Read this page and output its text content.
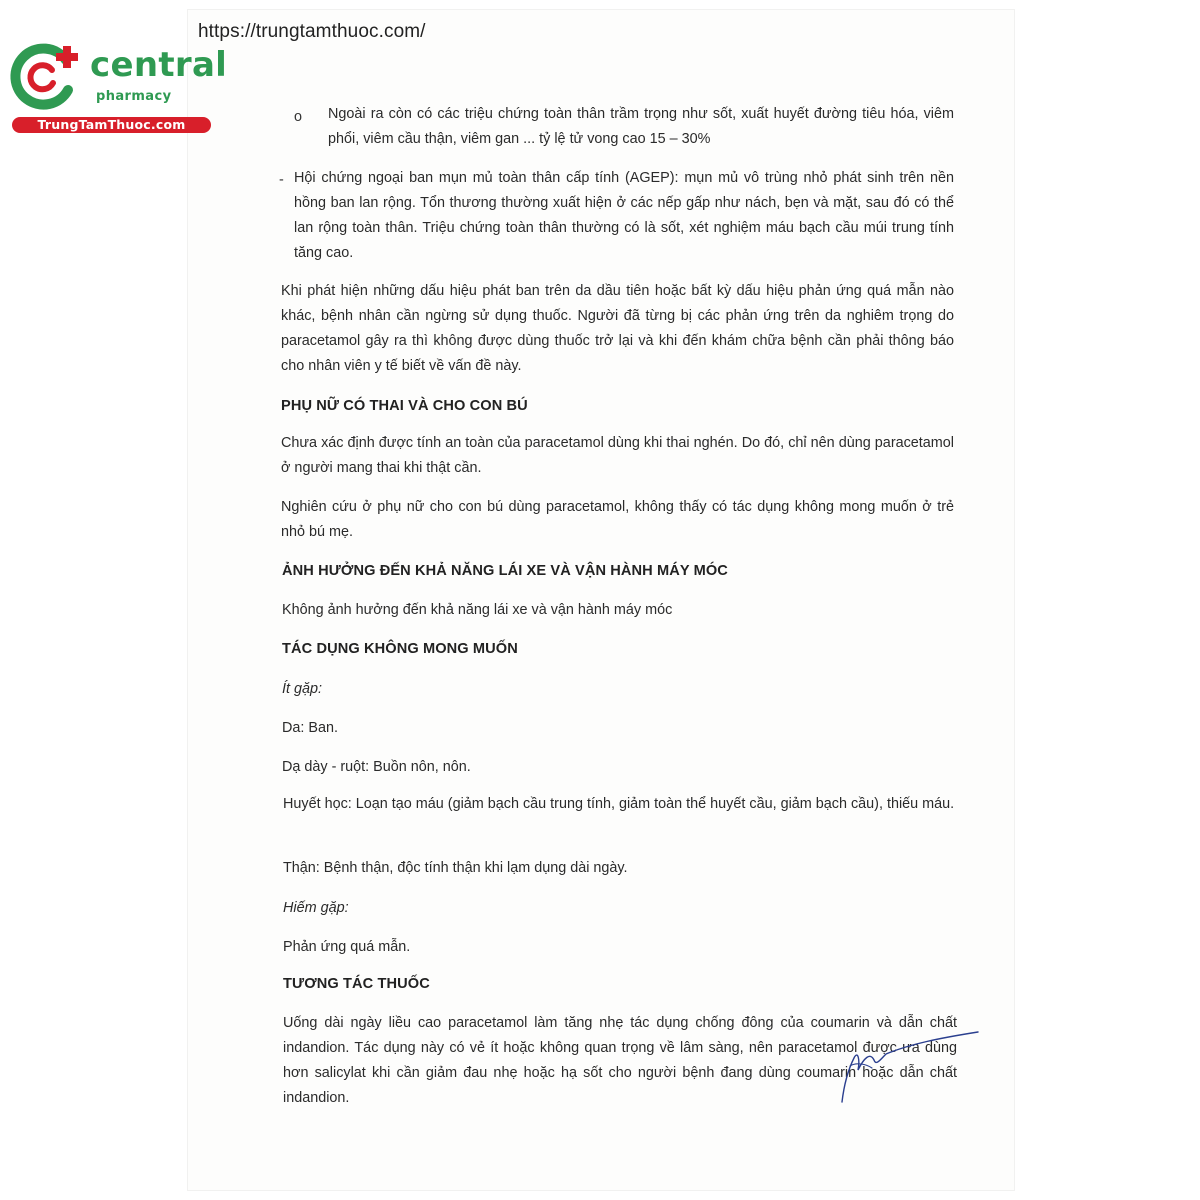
https://trungtamthuoc.com/
central
pharmacy
TrungTamThuoc.com	o Ngoài ra còn có các triệu chứng toàn thân trầm trọng như sốt, xuất huyết đường tiêu hóa, viêm phổi, viêm cầu thận, viêm gan ... tỷ lệ tử vong cao 15 – 30%
- Hội chứng ngoại ban mụn mủ toàn thân cấp tính (AGEP): mụn mủ vô trùng nhỏ phát sinh trên nền hồng ban lan rộng. Tổn thương thường xuất hiện ở các nếp gấp như nách, bẹn và mặt, sau đó có thể lan rộng toàn thân. Triệu chứng toàn thân thường có là sốt, xét nghiệm máu bạch cầu múi trung tính tăng cao.
Khi phát hiện những dấu hiệu phát ban trên da dầu tiên hoặc bất kỳ dấu hiệu phản ứng quá mẫn nào khác, bệnh nhân cần ngừng sử dụng thuốc. Người đã từng bị các phản ứng trên da nghiêm trọng do paracetamol gây ra thì không được dùng thuốc trở lại và khi đến khám chữa bệnh cần phải thông báo cho nhân viên y tế biết về vấn đề này.
PHỤ NỮ CÓ THAI VÀ CHO CON BÚ
Chưa xác định được tính an toàn của paracetamol dùng khi thai nghén. Do đó, chỉ nên dùng paracetamol ở người mang thai khi thật cần.
Nghiên cứu ở phụ nữ cho con bú dùng paracetamol, không thấy có tác dụng không mong muốn ở trẻ nhỏ bú mẹ.
ẢNH HƯỞNG ĐẾN KHẢ NĂNG LÁI XE VÀ VẬN HÀNH MÁY MÓC
Không ảnh hưởng đến khả năng lái xe và vận hành máy móc
TÁC DỤNG KHÔNG MONG MUỐN
Ít gặp:
Da: Ban.
Dạ dày - ruột: Buồn nôn, nôn.
Huyết học: Loạn tạo máu (giảm bạch cầu trung tính, giảm toàn thể huyết cầu, giảm bạch cầu), thiếu máu.
Thận: Bệnh thận, độc tính thận khi lạm dụng dài ngày.
Hiếm gặp:
Phản ứng quá mẫn.
TƯƠNG TÁC THUỐC
Uống dài ngày liều cao paracetamol làm tăng nhẹ tác dụng chống đông của coumarin và dẫn chất indandion. Tác dụng này có vẻ ít hoặc không quan trọng về lâm sàng, nên paracetamol được ưa dùng hơn salicylat khi cần giảm đau nhẹ hoặc hạ sốt cho người bệnh đang dùng coumarin hoặc dẫn chất indandion.
